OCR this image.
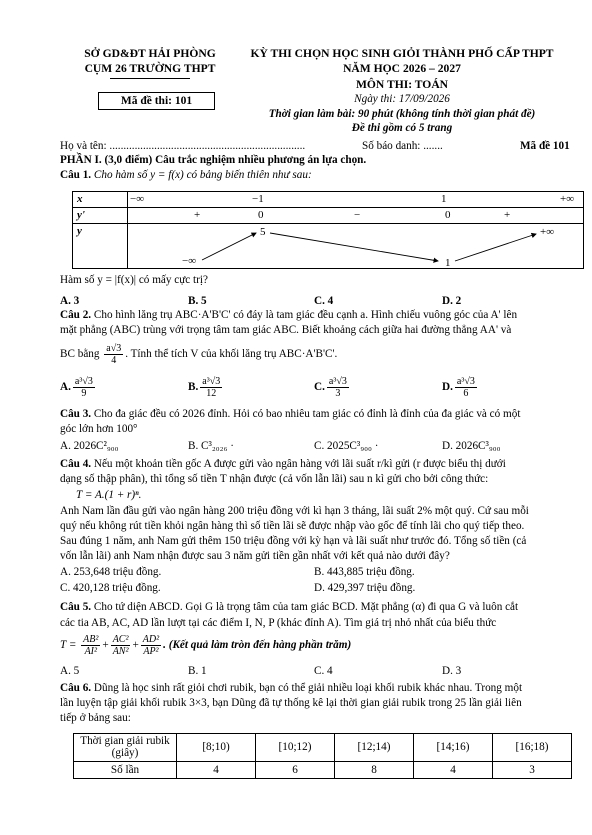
SỞ GD&ĐT HẢI PHÒNG
CỤM 26 TRƯỜNG THPT
Mã đề thi: 101
KỲ THI CHỌN HỌC SINH GIỎI THÀNH PHỐ CẤP THPT
NĂM HỌC 2026 – 2027
MÔN THI: TOÁN
Ngày thi: 17/09/2026
Thời gian làm bài: 90 phút (không tính thời gian phát đề)
Đề thi gồm có 5 trang
Họ và tên: ......................................................................	Số báo danh: .......	Mã đề 101
PHẦN I. (3,0 điểm) Câu trắc nghiệm nhiều phương án lựa chọn.
Câu 1. Cho hàm số y = f(x) có bảng biến thiên như sau:
x	−∞ −1 1 +∞

y'	+ 0 − 0 +

y	−∞
5
1
+∞
Hàm số y = |f(x)| có mấy cực trị?
A. 3	B. 5	C. 4	D. 2
Câu 2. Cho hình lăng trụ ABC·A'B'C' có đáy là tam giác đều cạnh a. Hình chiếu vuông góc của A' lên
mặt phẳng (ABC) trùng với trọng tâm tam giác ABC. Biết khoảng cách giữa hai đường thẳng AA' và
BC bằng $\frac{a√3}{4}$ . Tính thể tích V của khối lăng trụ ABC·A'B'C'.
A. $\frac{\text{a³√3}}{9}$	B. $\frac{\text{a³√3}}{12}$	C. $\frac{\text{a³√3}}{3}$	D. $\frac{\text{a³√3}}{6}$
Câu 3. Cho đa giác đều có 2026 đỉnh. Hỏi có bao nhiêu tam giác có đỉnh là đỉnh của đa giác và có một
góc lớn hơn 100°
A. 2026C²₉₀₀	B. C³₂₀₂₆ ·	C. 2025C³₉₀₀ ·	D. 2026C³₉₀₀
Câu 4. Nếu một khoản tiền gốc A được gửi vào ngân hàng với lãi suất r/kì gửi (r được biểu thị dưới
dạng số thập phân), thì tổng số tiền T nhận được (cả vốn lẫn lãi) sau n kì gửi cho bởi công thức:
T = A.(1 + r)ⁿ.
Anh Nam lần đầu gửi vào ngân hàng 200 triệu đồng với kì hạn 3 tháng, lãi suất 2% một quý. Cứ sau mỗi
quý nếu không rút tiền khỏi ngân hàng thì số tiền lãi sẽ được nhập vào gốc để tính lãi cho quý tiếp theo.
Sau đúng 1 năm, anh Nam gửi thêm 150 triệu đồng với kỳ hạn và lãi suất như trước đó. Tổng số tiền (cả
vốn lẫn lãi) anh Nam nhận được sau 3 năm gửi tiền gần nhất với kết quả nào dưới đây?
A. 253,648 triệu đồng.	B. 443,885 triệu đồng.
C. 420,128 triệu đồng.	D. 429,397 triệu đồng.
Câu 5. Cho tứ diện ABCD. Gọi G là trọng tâm của tam giác BCD. Mặt phẳng (α) đi qua G và luôn cắt
các tia AB, AC, AD lần lượt tại các điểm I, N, P (khác đỉnh A). Tìm giá trị nhỏ nhất của biểu thức
$T = \frac{\text{AB²}}{\text{AI²}} + \frac{\text{AC²}}{\text{AN²}} + \frac{\text{AD²}}{\text{AP²}}$ . (Kết quả làm tròn đến hàng phần trăm)
A. 5	B. 1	C. 4	D. 3
Câu 6. Dũng là học sinh rất giỏi chơi rubik, bạn có thể giải nhiều loại khối rubik khác nhau. Trong một
lần luyện tập giải khối rubik 3×3, bạn Dũng đã tự thống kê lại thời gian giải rubik trong 25 lần giải liên
tiếp ở bảng sau:
Thời gian giải rubik (giây)	[8;10)	[10;12)	[12;14)	[14;16)	[16;18)
Số lần	4	6	8	4	3
